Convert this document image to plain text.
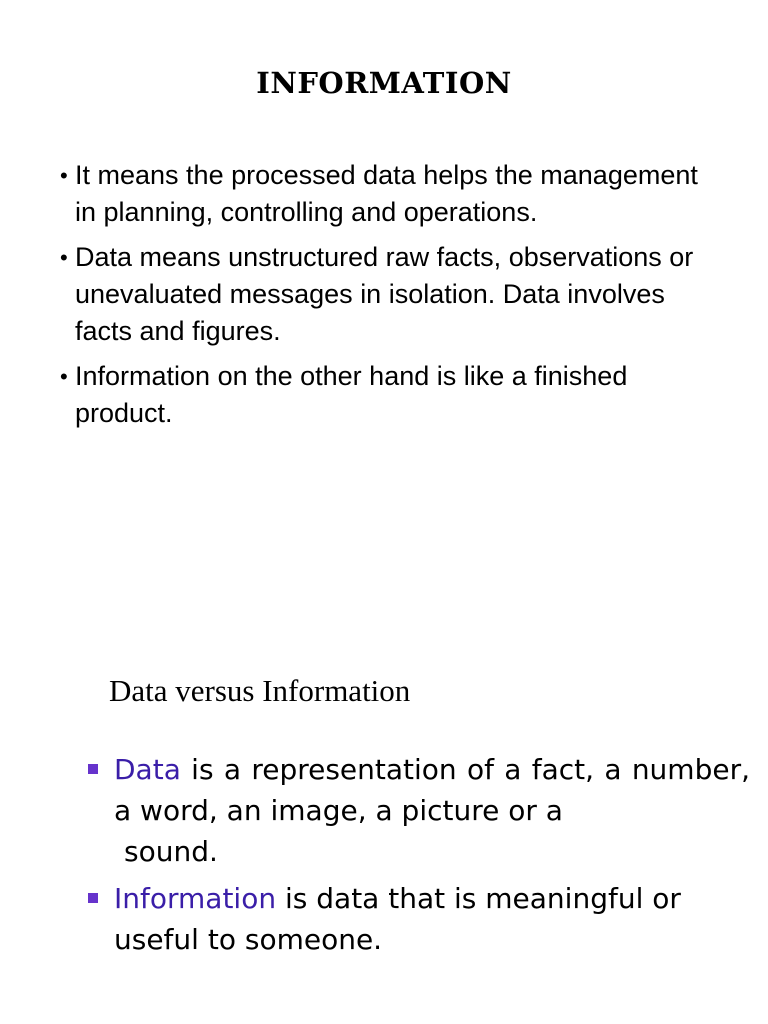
INFORMATION
• It means the processed data helps the management in planning, controlling and operations.
• Data means unstructured raw facts, observations or unevaluated messages in isolation. Data involves facts and figures.
• Information on the other hand is like a finished product.
Data versus Information
Data is a representation of a fact, a number, a word, an image, a picture or a
sound.
Information is data that is meaningful or useful to someone.
